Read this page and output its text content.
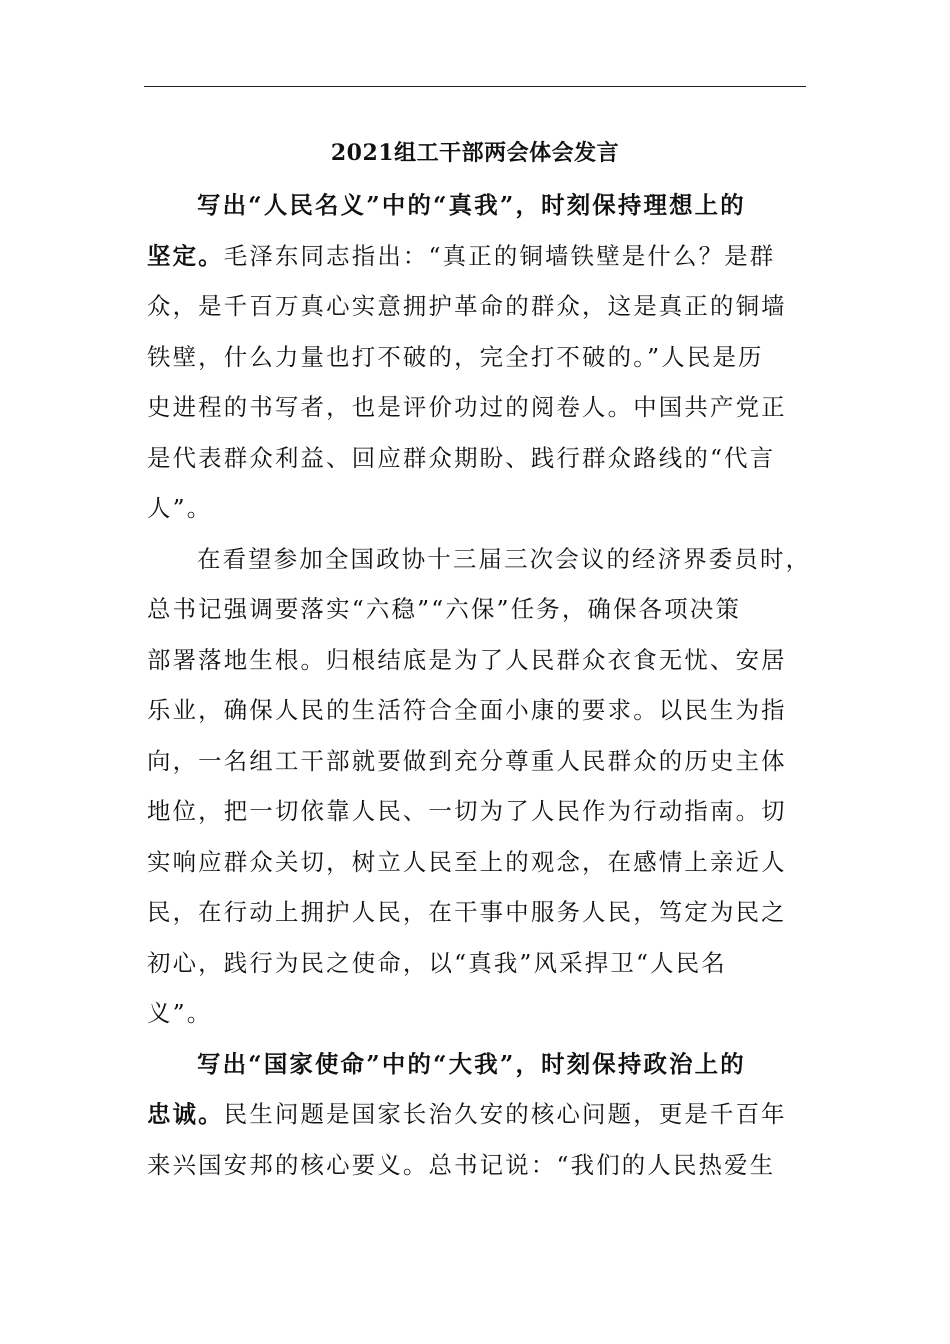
2021组工干部两会体会发言
写出“人民名义”中的“真我”，时刻保持理想上的
坚定。毛泽东同志指出：“真正的铜墙铁壁是什么？是群
众，是千百万真心实意拥护革命的群众，这是真正的铜墙
铁壁，什么力量也打不破的，完全打不破的。”人民是历
史进程的书写者，也是评价功过的阅卷人。中国共产党正
是代表群众利益、回应群众期盼、践行群众路线的“代言
人”。
在看望参加全国政协十三届三次会议的经济界委员时，
总书记强调要落实“六稳”“六保”任务，确保各项决策
部署落地生根。归根结底是为了人民群众衣食无忧、安居
乐业，确保人民的生活符合全面小康的要求。以民生为指
向，一名组工干部就要做到充分尊重人民群众的历史主体
地位，把一切依靠人民、一切为了人民作为行动指南。切
实响应群众关切，树立人民至上的观念，在感情上亲近人
民，在行动上拥护人民，在干事中服务人民，笃定为民之
初心，践行为民之使命，以“真我”风采捍卫“人民名
义”。
写出“国家使命”中的“大我”，时刻保持政治上的
忠诚。民生问题是国家长治久安的核心问题，更是千百年
来兴国安邦的核心要义。总书记说：“我们的人民热爱生
